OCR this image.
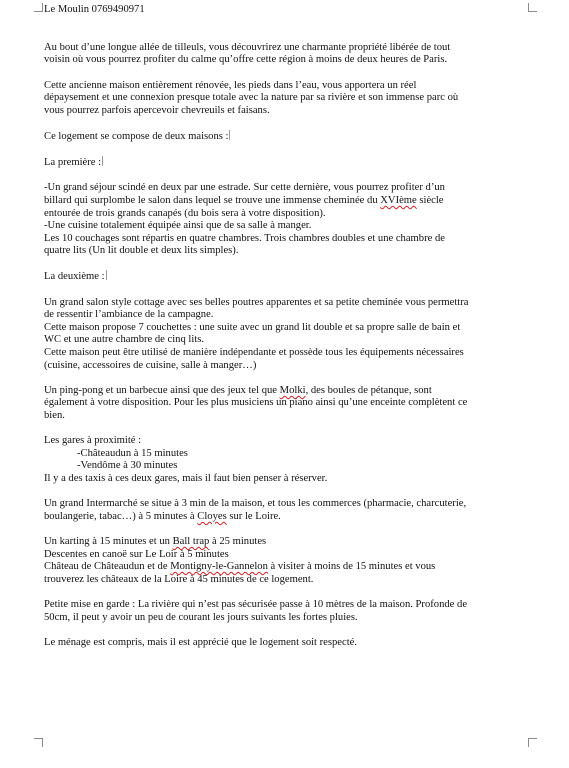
Le Moulin 0769490971

Au bout d’une longue allée de tilleuls, vous découvrirez une charmante propriété libérée de tout

voisin où vous pourrez profiter du calme qu’offre cette région à moins de deux heures de Paris.

Cette ancienne maison entièrement rénovée, les pieds dans l’eau, vous apportera un réel

dépaysement et une connexion presque totale avec la nature par sa rivière et son immense parc où

vous pourrez parfois apercevoir chevreuils et faisans.

Ce logement se compose de deux maisons :

La première :

-Un grand séjour scindé en deux par une estrade. Sur cette dernière, vous pourrez profiter d’un

billard qui surplombe le salon dans lequel se trouve une immense cheminée du XVIème siècle

entourée de trois grands canapés (du bois sera à votre disposition).

-Une cuisine totalement équipée ainsi que de sa salle à manger.

Les 10 couchages sont répartis en quatre chambres. Trois chambres doubles et une chambre de

quatre lits (Un lit double et deux lits simples).

La deuxième :

Un grand salon style cottage avec ses belles poutres apparentes et sa petite cheminée vous permettra

de ressentir l’ambiance de la campagne.

Cette maison propose 7 couchettes : une suite avec un grand lit double et sa propre salle de bain et

WC et une autre chambre de cinq lits.

Cette maison peut être utilisé de manière indépendante et possède tous les équipements nécessaires

(cuisine, accessoires de cuisine, salle à manger…)

Un ping-pong et un barbecue ainsi que des jeux tel que Molki, des boules de pétanque, sont

également à votre disposition. Pour les plus musiciens un piano ainsi qu’une enceinte complètent ce

bien.

Les gares à proximité :

-Châteaudun à 15 minutes

-Vendôme à 30 minutes

Il y a des taxis à ces deux gares, mais il faut bien penser à réserver.

Un grand Intermarché se situe à 3 min de la maison, et tous les commerces (pharmacie, charcuterie,

boulangerie, tabac…) à 5 minutes à Cloyes sur le Loire.

Un karting à 15 minutes et un Ball trap à 25 minutes

Descentes en canoë sur Le Loir à 5 minutes

Château de Châteaudun et de Montigny-le-Gannelon à visiter à moins de 15 minutes et vous

trouverez les châteaux de la Loire à 45 minutes de ce logement.

Petite mise en garde : La rivière qui n’est pas sécurisée passe à 10 mètres de la maison. Profonde de

50cm, il peut y avoir un peu de courant les jours suivants les fortes pluies.

Le ménage est compris, mais il est apprécié que le logement soit respecté.
